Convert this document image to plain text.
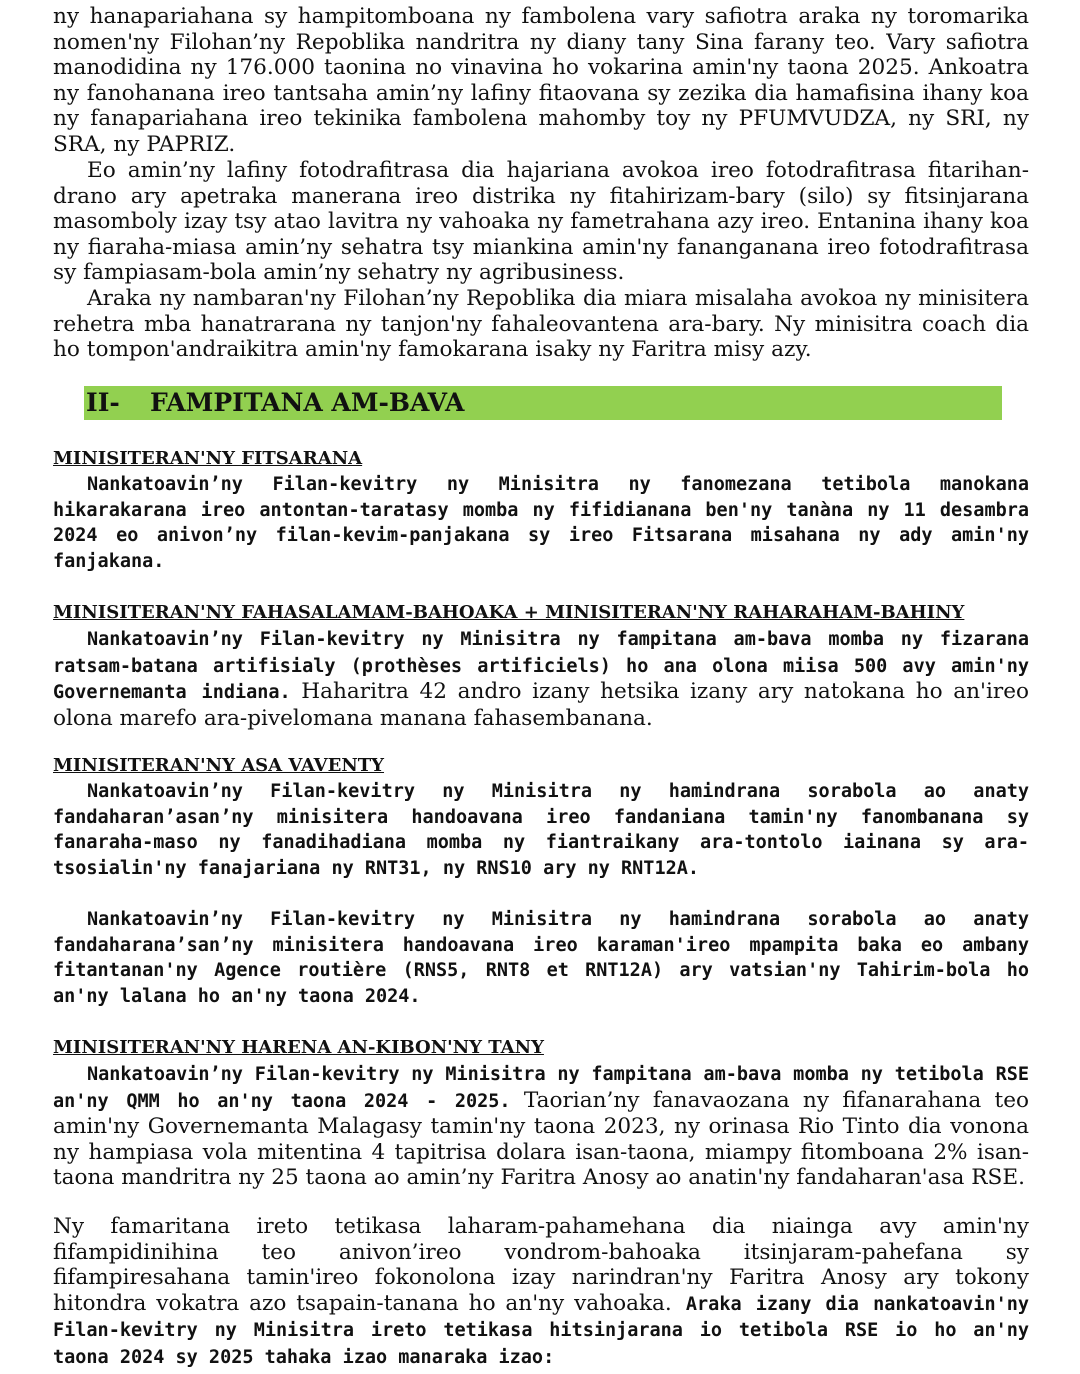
ny hanapariahana sy hampitomboana ny fambolena vary safiotra araka ny toromarika nomen'ny Filohan’ny Repoblika nandritra ny diany tany Sina farany teo. Vary safiotra manodidina ny 176.000 taonina no vinavina ho vokarina amin'ny taona 2025. Ankoatra ny fanohanana ireo tantsaha amin’ny lafiny fitaovana sy zezika dia hamafisina ihany koa ny fanapariahana ireo tekinika fambolena mahomby toy ny PFUMVUDZA, ny SRI, ny SRA, ny PAPRIZ.

Eo amin’ny lafiny fotodrafitrasa dia hajariana avokoa ireo fotodrafitrasa fitarihan-drano ary apetraka manerana ireo distrika ny fitahirizam-bary (silo) sy fitsinjarana masomboly izay tsy atao lavitra ny vahoaka ny fametrahana azy ireo. Entanina ihany koa ny fiaraha-miasa amin’ny sehatra tsy miankina amin'ny fananganana ireo fotodrafitrasa sy fampiasam-bola amin’ny sehatry ny agribusiness.

Araka ny nambaran'ny Filohan’ny Repoblika dia miara misalaha avokoa ny minisitera rehetra mba hanatrarana ny tanjon'ny fahaleovantena ara-bary. Ny minisitra coach dia ho tompon'andraikitra amin'ny famokarana isaky ny Faritra misy azy.

II- FAMPITANA AM-BAVA

MINISITERAN'NY FITSARANA

Nankatoavin’ny Filan-kevitry ny Minisitra ny fanomezana tetibola manokana hikarakarana ireo antontan-taratasy momba ny fifidianana ben'ny tanàna ny 11 desambra 2024 eo anivon’ny filan-kevim-panjakana sy ireo Fitsarana misahana ny ady amin'ny fanjakana.

MINISITERAN'NY FAHASALAMAM-BAHOAKA + MINISITERAN'NY RAHARAHAM-BAHINY

Nankatoavin’ny Filan-kevitry ny Minisitra ny fampitana am-bava momba ny fizarana ratsam-batana artifisialy (prothèses artificiels) ho ana olona miisa 500 avy amin'ny Governemanta indiana. Haharitra 42 andro izany hetsika izany ary natokana ho an'ireo olona marefo ara-pivelomana manana fahasembanana.

MINISITERAN'NY ASA VAVENTY

Nankatoavin’ny Filan-kevitry ny Minisitra ny hamindrana sorabola ao anaty fandaharan’asan’ny minisitera handoavana ireo fandaniana tamin'ny fanombanana sy fanaraha-maso ny fanadihadiana momba ny fiantraikany ara-tontolo iainana sy ara-tsosialin'ny fanajariana ny RNT31, ny RNS10 ary ny RNT12A.

Nankatoavin’ny Filan-kevitry ny Minisitra ny hamindrana sorabola ao anaty fandaharana’san’ny minisitera handoavana ireo karaman'ireo mpampita baka eo ambany fitantanan'ny Agence routière (RNS5, RNT8 et RNT12A) ary vatsian'ny Tahirim-bola ho an'ny lalana ho an'ny taona 2024.

MINISITERAN'NY HARENA AN-KIBON'NY TANY

Nankatoavin’ny Filan-kevitry ny Minisitra ny fampitana am-bava momba ny tetibola RSE an'ny QMM ho an'ny taona 2024 - 2025. Taorian’ny fanavaozana ny fifanarahana teo amin'ny Governemanta Malagasy tamin'ny taona 2023, ny orinasa Rio Tinto dia vonona ny hampiasa vola mitentina 4 tapitrisa dolara isan-taona, miampy fitomboana 2% isan-taona mandritra ny 25 taona ao amin’ny Faritra Anosy ao anatin'ny fandaharan'asa RSE.

Ny famaritana ireto tetikasa laharam-pahamehana dia niainga avy amin'ny fifampidinihina teo anivon’ireo vondrom-bahoaka itsinjaram-pahefana sy fifampiresahana tamin'ireo fokonolona izay narindran'ny Faritra Anosy ary tokony hitondra vokatra azo tsapain-tanana ho an'ny vahoaka. Araka izany dia nankatoavin'ny Filan-kevitry ny Minisitra ireto tetikasa hitsinjarana io tetibola RSE io ho an'ny taona 2024 sy 2025 tahaka izao manaraka izao:
